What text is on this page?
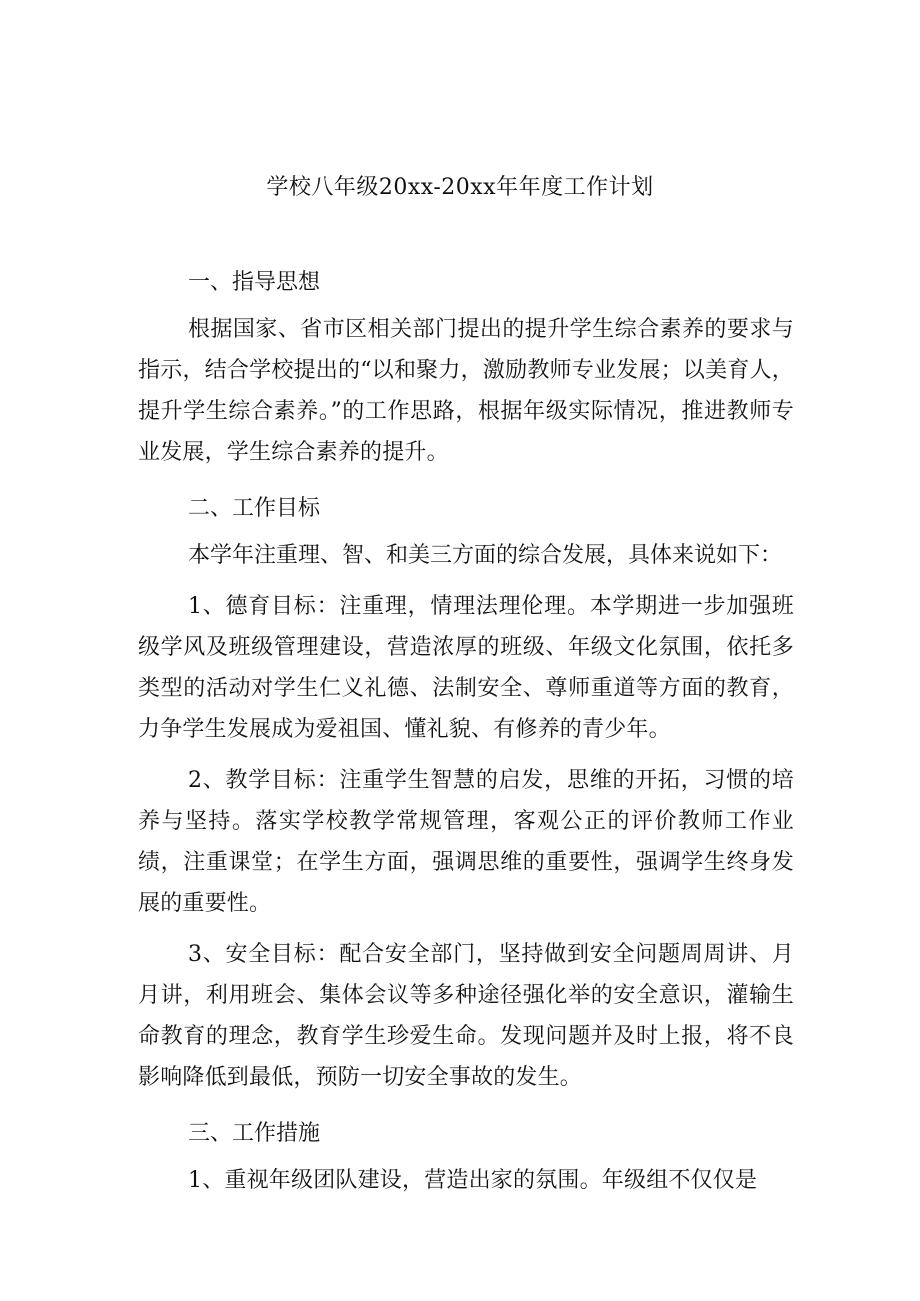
学校八年级20xx-20xx年年度工作计划

一、指导思想

根据国家、省市区相关部门提出的提升学生综合素养的要求与指示，结合学校提出的“以和聚力，激励教师专业发展；以美育人，提升学生综合素养。”的工作思路，根据年级实际情况，推进教师专业发展，学生综合素养的提升。

二、工作目标

本学年注重理、智、和美三方面的综合发展，具体来说如下：

1、德育目标：注重理，情理法理伦理。本学期进一步加强班级学风及班级管理建设，营造浓厚的班级、年级文化氛围，依托多类型的活动对学生仁义礼德、法制安全、尊师重道等方面的教育，力争学生发展成为爱祖国、懂礼貌、有修养的青少年。

2、教学目标：注重学生智慧的启发，思维的开拓，习惯的培养与坚持。落实学校教学常规管理，客观公正的评价教师工作业绩，注重课堂；在学生方面，强调思维的重要性，强调学生终身发展的重要性。

3、安全目标：配合安全部门，坚持做到安全问题周周讲、月月讲，利用班会、集体会议等多种途径强化举的安全意识，灌输生命教育的理念，教育学生珍爱生命。发现问题并及时上报，将不良影响降低到最低，预防一切安全事故的发生。

三、工作措施

1、重视年级团队建设，营造出家的氛围。年级组不仅仅是
